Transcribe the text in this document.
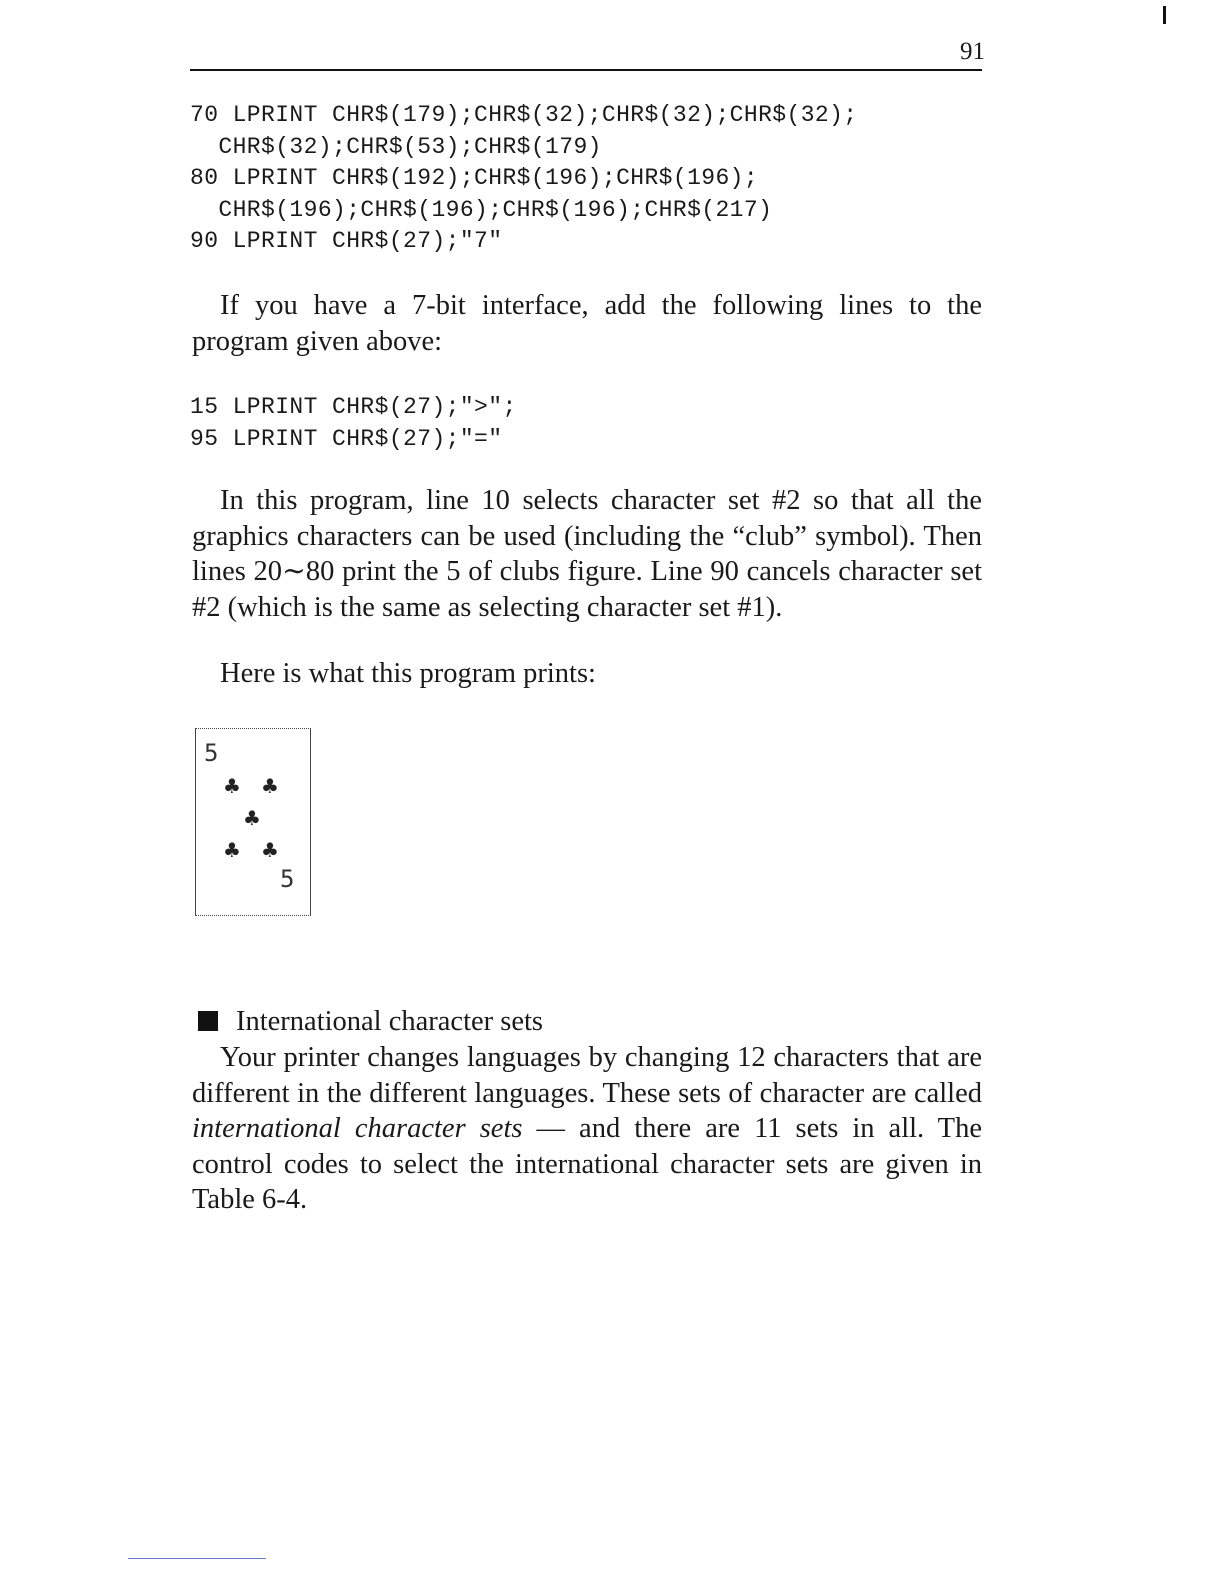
91
70 LPRINT CHR$(179);CHR$(32);CHR$(32);CHR$(32);
CHR$(32);CHR$(53);CHR$(179)
80 LPRINT CHR$(192);CHR$(196);CHR$(196);
CHR$(196);CHR$(196);CHR$(196);CHR$(217)
90 LPRINT CHR$(27);"7"

If you have a 7-bit interface, add the following lines to the program given above:

15 LPRINT CHR$(27);">";
95 LPRINT CHR$(27);"="

In this program, line 10 selects character set #2 so that all the graphics characters can be used (including the “club” symbol). Then lines 20∼80 print the 5 of clubs figure. Line 90 cancels character set #2 (which is the same as selecting character set #1).

Here is what this program prints:

5
♣ ♣
♣
♣ ♣
5
International character sets

Your printer changes languages by changing 12 characters that are different in the different languages. These sets of character are called international character sets — and there are 11 sets in all. The control codes to select the international character sets are given in Table 6-4.
